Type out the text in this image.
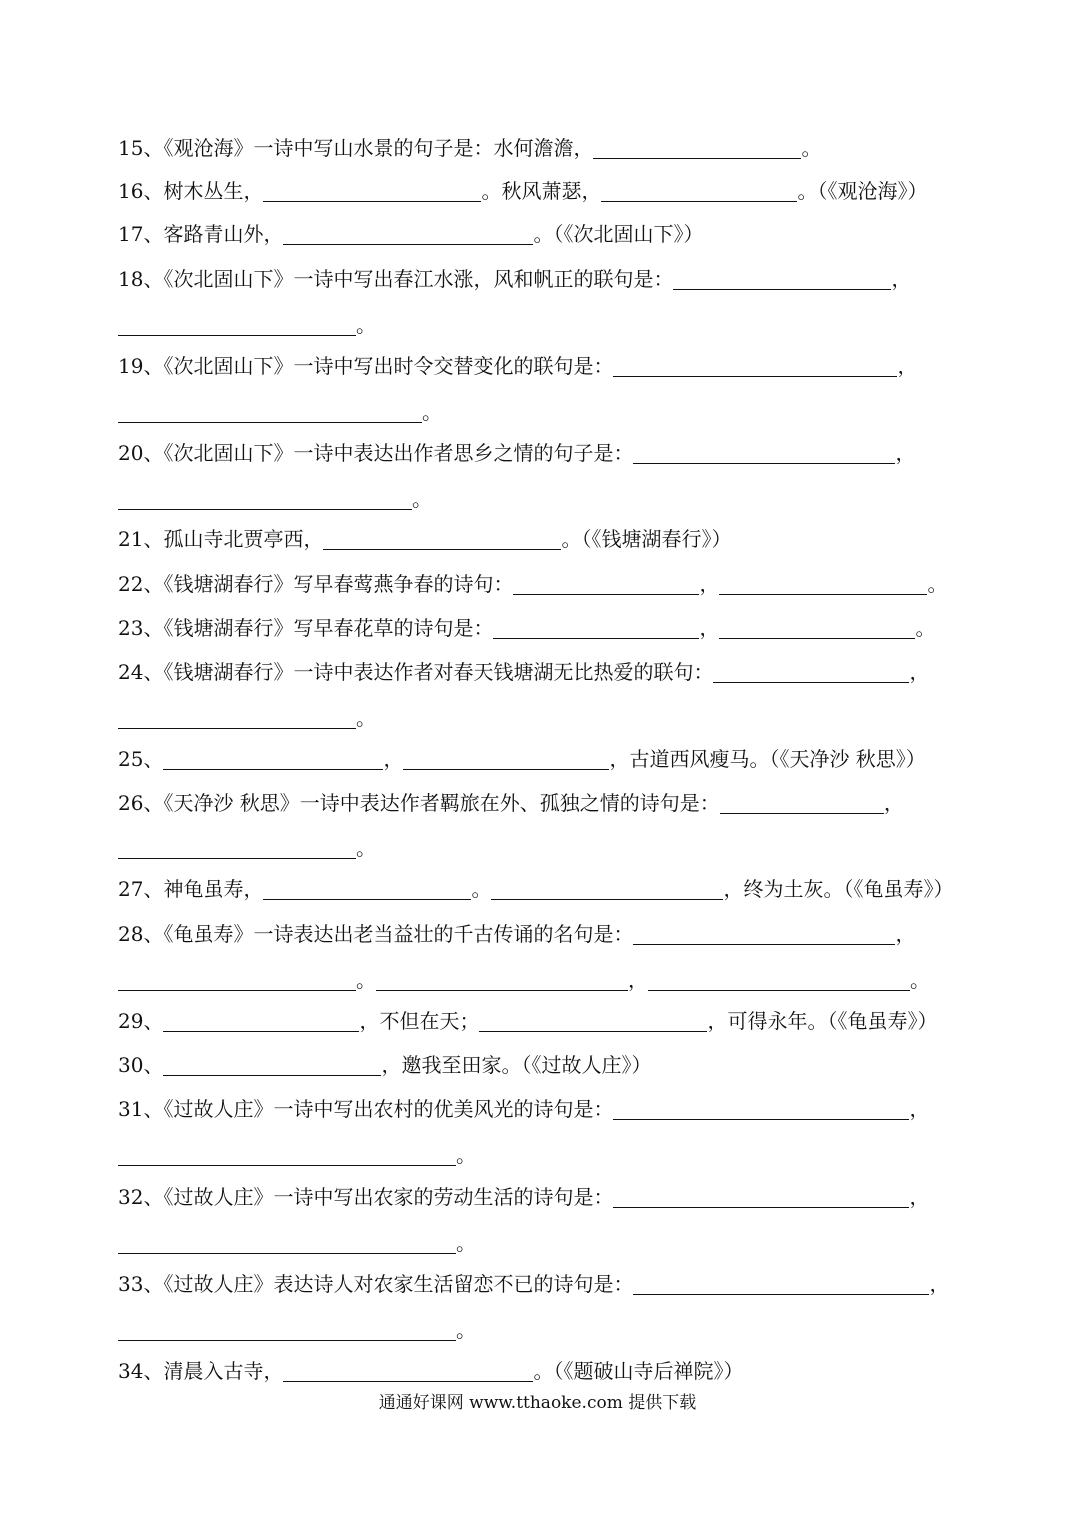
15、《观沧海》一诗中写山水景的句子是：水何澹澹，	。
16、树木丛生，	。秋风萧瑟，	。（《观沧海》）
17、客路青山外，	。（《次北固山下》）
18、《次北固山下》一诗中写出春江水涨，风和帆正的联句是：	，
。
19、《次北固山下》一诗中写出时令交替变化的联句是：	，
。
20、《次北固山下》一诗中表达出作者思乡之情的句子是：	，
。
21、孤山寺北贾亭西，	。（《钱塘湖春行》）
22、《钱塘湖春行》写早春莺燕争春的诗句：	，	。
23、《钱塘湖春行》写早春花草的诗句是：	，	。
24、《钱塘湖春行》一诗中表达作者对春天钱塘湖无比热爱的联句：	，
。
25、	，	，古道西风瘦马。（《天净沙 秋思》）
26、《天净沙 秋思》一诗中表达作者羁旅在外、孤独之情的诗句是：	，
。
27、神龟虽寿，	。	，终为土灰。（《龟虽寿》）
28、《龟虽寿》一诗表达出老当益壮的千古传诵的名句是：	，
。	，	。
29、	，不但在天；	，可得永年。（《龟虽寿》）
30、	，邀我至田家。（《过故人庄》）
31、《过故人庄》一诗中写出农村的优美风光的诗句是：	，
。
32、《过故人庄》一诗中写出农家的劳动生活的诗句是：	，
。
33、《过故人庄》表达诗人对农家生活留恋不已的诗句是：	，
。
34、清晨入古寺，	。（《题破山寺后禅院》）
通通好课网 www.tthaoke.com 提供下载
